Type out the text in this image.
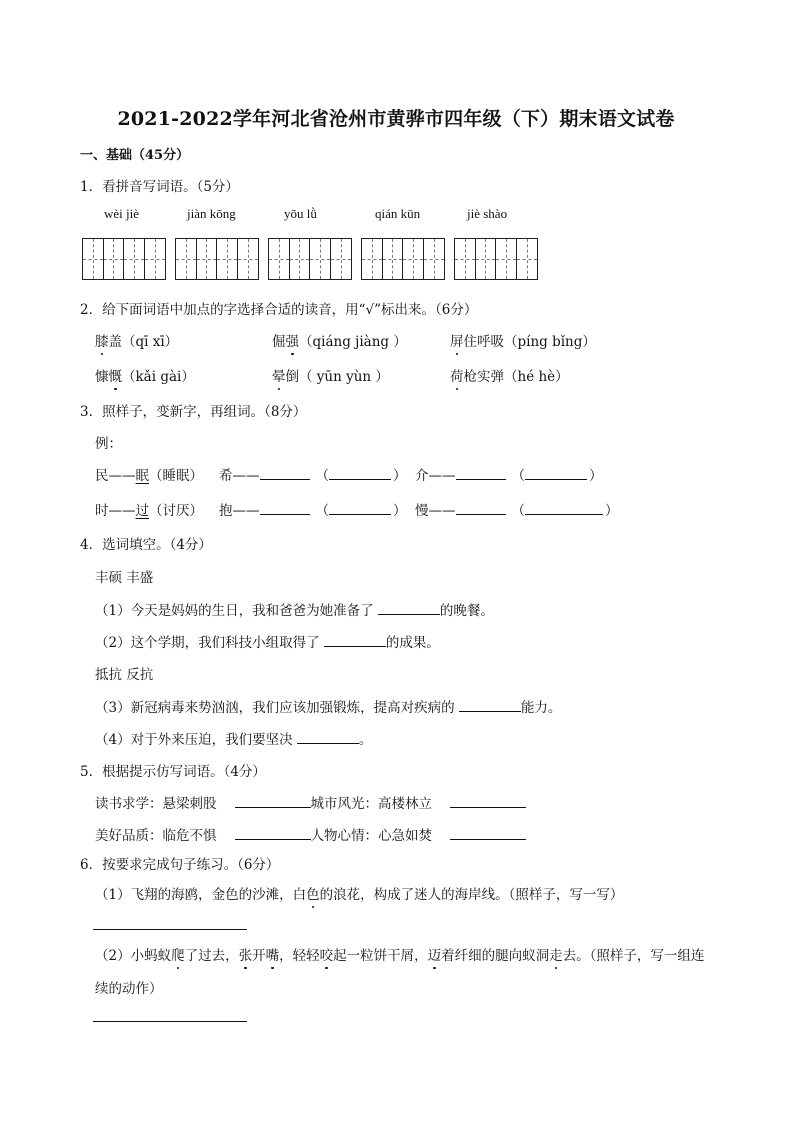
2021-2022学年河北省沧州市黄骅市四年级（下）期末语文试卷
一、基础（45分）
1．看拼音写词语。（5分）
wèi jiè	jiàn kōng	yōu lǜ	qián kūn	jiè shào
2．给下面词语中加点的字选择合适的读音，用“√”标出来。（6分）
膝盖（qī xī）	倔强（qiáng jiàng ）	屏住呼吸（píng bǐng）
慷慨（kǎi gài）	晕倒（ yūn yùn ）	荷枪实弹（hé hè）
3．照样子，变新字，再组词。（8分）
例：
民——眠（睡眠） 希——	（	） 介——	（	）
时——过（讨厌） 抱——	（	） 慢——	（	）
4．选词填空。（4分）
丰硕 丰盛
（1）今天是妈妈的生日，我和爸爸为她准备了	的晚餐。
（2）这个学期，我们科技小组取得了	的成果。
抵抗 反抗
（3）新冠病毒来势汹汹，我们应该加强锻炼，提高对疾病的	能力。
（4）对于外来压迫，我们要坚决	。
5．根据提示仿写词语。（4分）
读书求学：悬梁刺股	城市风光：高楼林立
美好品质：临危不惧	人物心情：心急如焚
6．按要求完成句子练习。（6分）
（1）飞翔的海鸥，金色的沙滩，白色的浪花，构成了迷人的海岸线。（照样子，写一写）
（2）小蚂蚁爬了过去，张开嘴，轻轻咬起一粒饼干屑，迈着纤细的腿向蚁洞走去。（照样子，写一组连
续的动作）
